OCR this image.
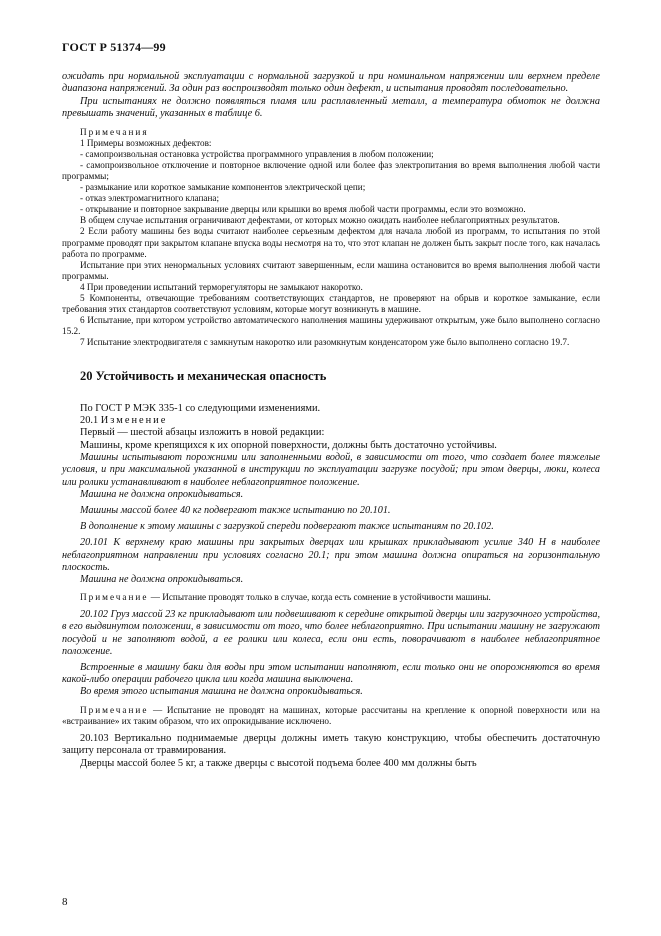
ГОСТ Р 51374—99

ожидать при нормальной эксплуатации с нормальной загрузкой и при номинальном напряжении или верхнем пределе диапазона напряжений. За один раз воспроизводят только один дефект, и испытания проводят последовательно.

При испытаниях не должно появляться пламя или расплавленный металл, а температура обмоток не должна превышать значений, указанных в таблице 6.

Примечания

1 Примеры возможных дефектов:

- самопроизвольная остановка устройства программного управления в любом положении;

- самопроизвольное отключение и повторное включение одной или более фаз электропитания во время выполнения любой части программы;

- размыкание или короткое замыкание компонентов электрической цепи;

- отказ электромагнитного клапана;

- открывание и повторное закрывание дверцы или крышки во время любой части программы, если это возможно.

В общем случае испытания ограничивают дефектами, от которых можно ожидать наиболее неблагоприятных результатов.

2 Если работу машины без воды считают наиболее серьезным дефектом для начала любой из программ, то испытания по этой программе проводят при закрытом клапане впуска воды несмотря на то, что этот клапан не должен быть закрыт после того, как началась работа по программе.

Испытание при этих ненормальных условиях считают завершенным, если машина остановится во время выполнения любой части программы.

4 При проведении испытаний терморегуляторы не замыкают накоротко.

5 Компоненты, отвечающие требованиям соответствующих стандартов, не проверяют на обрыв и короткое замыкание, если требования этих стандартов соответствуют условиям, которые могут возникнуть в машине.

6 Испытание, при котором устройство автоматического наполнения машины удерживают открытым, уже было выполнено согласно 15.2.

7 Испытание электродвигателя с замкнутым накоротко или разомкнутым конденсатором уже было выполнено согласно 19.7.

20 Устойчивость и механическая опасность

По ГОСТ Р МЭК 335-1 со следующими изменениями.

20.1 Изменение

Первый — шестой абзацы изложить в новой редакции:

Машины, кроме крепящихся к их опорной поверхности, должны быть достаточно устойчивы.

Машины испытывают порожними или заполненными водой, в зависимости от того, что создает более тяжелые условия, и при максимальной указанной в инструкции по эксплуатации загрузке посудой; при этом дверцы, люки, колеса или ролики устанавливают в наиболее неблагоприятное положение.

Машина не должна опрокидываться.

Машины массой более 40 кг подвергают также испытанию по 20.101.

В дополнение к этому машины с загрузкой спереди подвергают также испытаниям по 20.102.

20.101 К верхнему краю машины при закрытых дверцах или крышках прикладывают усилие 340 Н в наиболее неблагоприятном направлении при условиях согласно 20.1; при этом машина должна опираться на горизонтальную плоскость.

Машина не должна опрокидываться.

Примечание — Испытание проводят только в случае, когда есть сомнение в устойчивости машины.

20.102 Груз массой 23 кг прикладывают или подвешивают к середине открытой дверцы или загрузочного устройства, в его выдвинутом положении, в зависимости от того, что более неблагоприятно. При испытании машину не загружают посудой и не заполняют водой, а ее ролики или колеса, если они есть, поворачивают в наиболее неблагоприятное положение.

Встроенные в машину баки для воды при этом испытании наполняют, если только они не опорожняются во время какой-либо операции рабочего цикла или когда машина выключена.

Во время этого испытания машина не должна опрокидываться.

Примечание — Испытание не проводят на машинах, которые рассчитаны на крепление к опорной поверхности или на «встраивание» их таким образом, что их опрокидывание исключено.

20.103 Вертикально поднимаемые дверцы должны иметь такую конструкцию, чтобы обеспечить достаточную защиту персонала от травмирования.

Дверцы массой более 5 кг, а также дверцы с высотой подъема более 400 мм должны быть

8
